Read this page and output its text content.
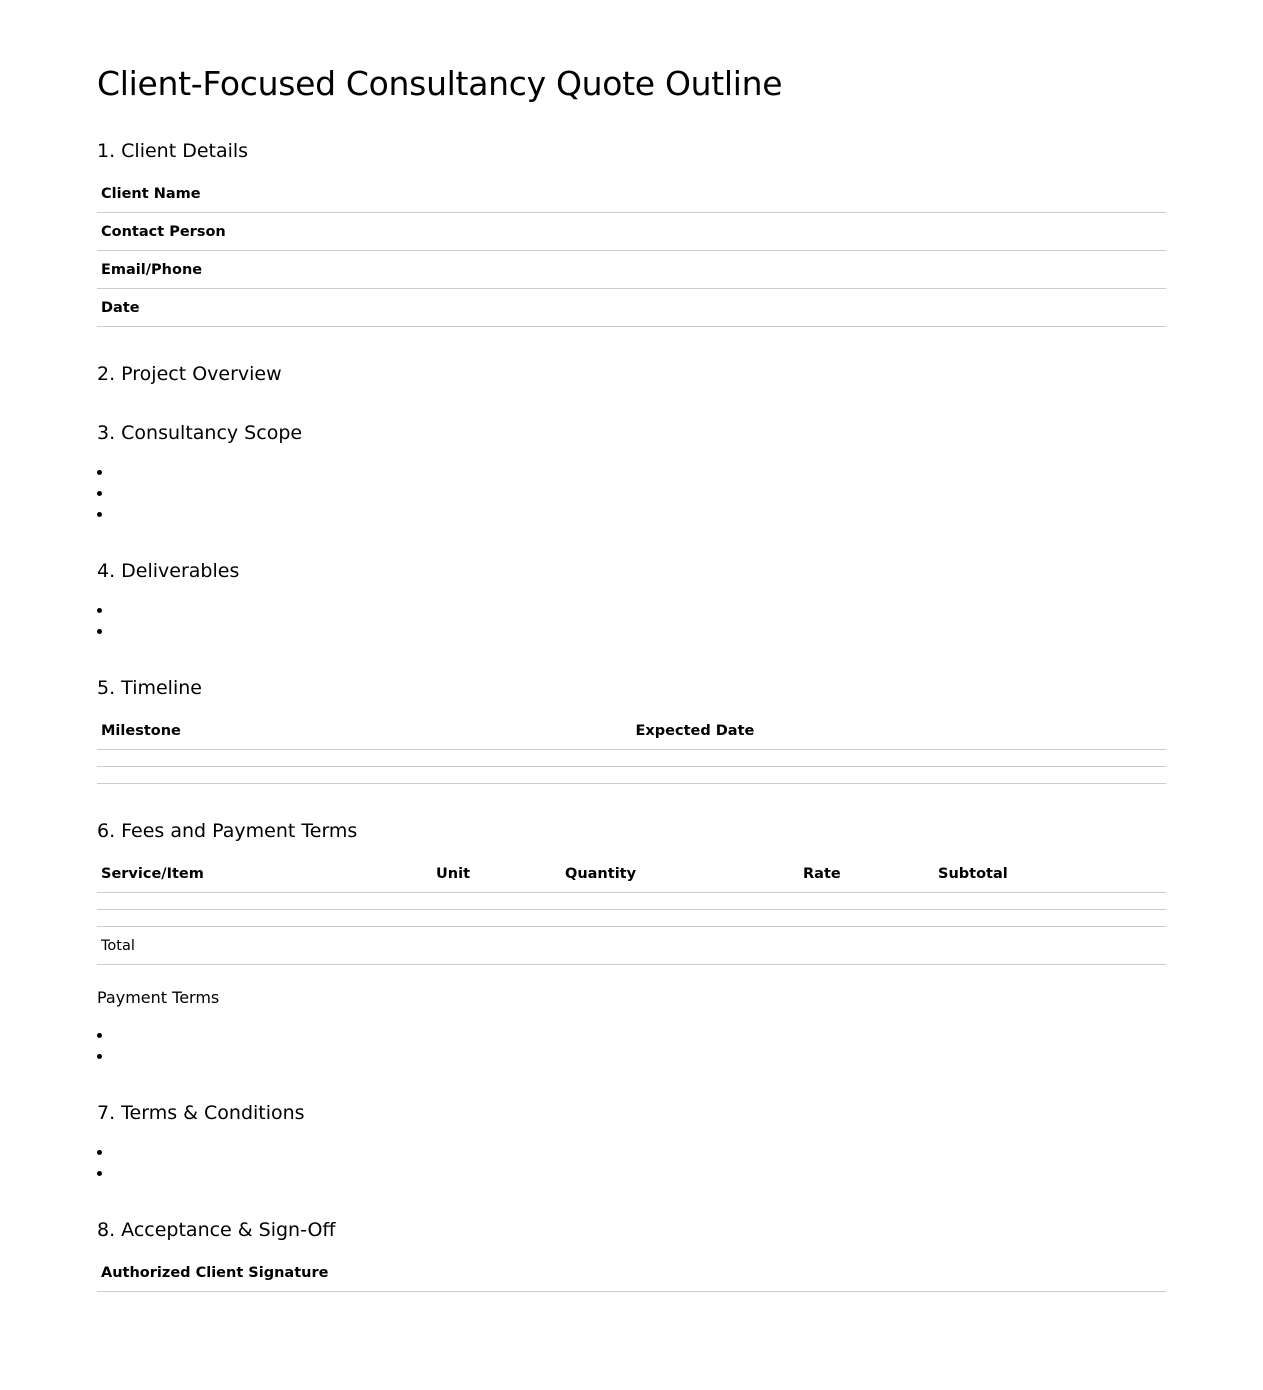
Client-Focused Consultancy Quote Outline
1. Client Details
Client Name
Contact Person
Email/Phone
Date
2. Project Overview
3. Consultancy Scope
4. Deliverables
5. Timeline
Milestone	Expected Date

6. Fees and Payment Terms
Service/Item	Unit	Quantity	Rate	Subtotal

Total				
Payment Terms
7. Terms & Conditions
8. Acceptance & Sign-Off
Authorized Client Signature
